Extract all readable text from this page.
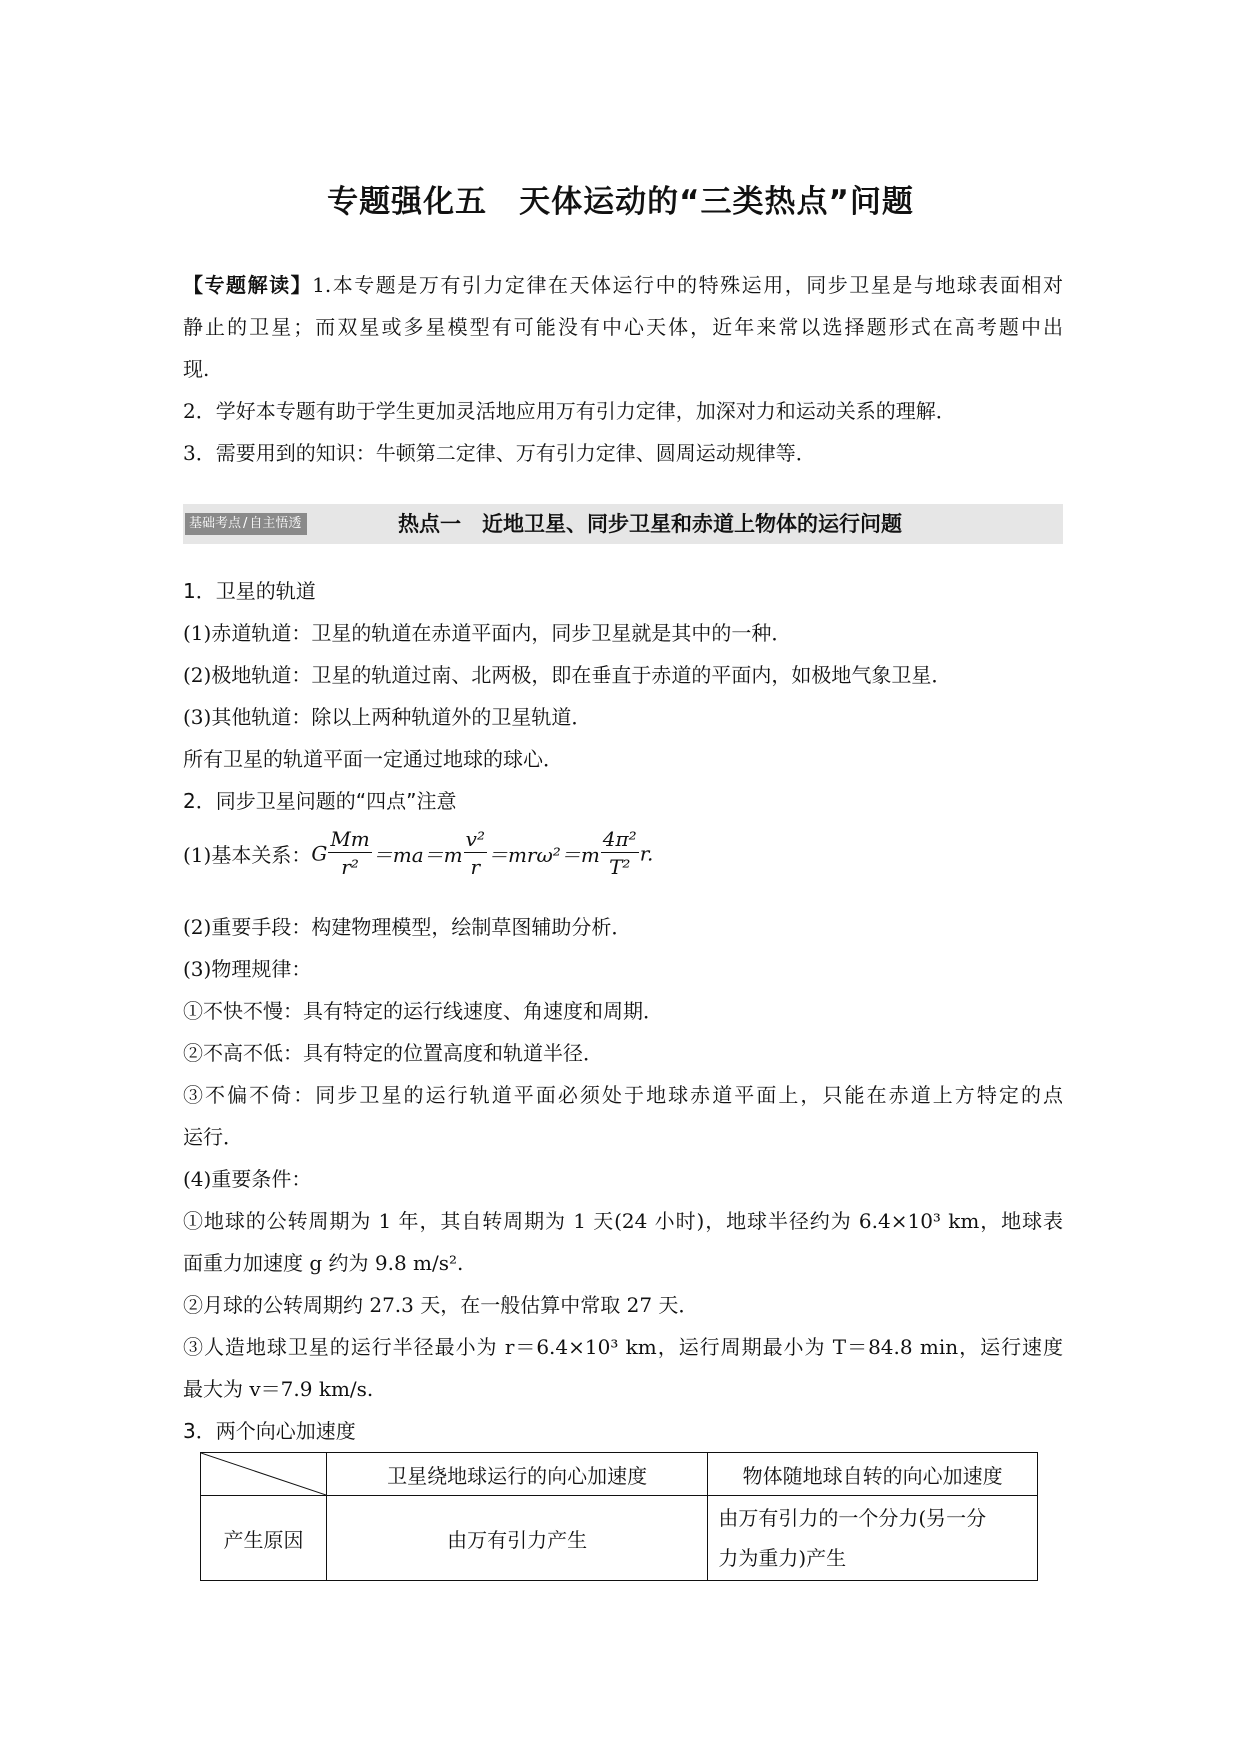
专题强化五　天体运动的“三类热点”问题
【专题解读】1.本专题是万有引力定律在天体运行中的特殊运用，同步卫星是与地球表面相对
静止的卫星；而双星或多星模型有可能没有中心天体，近年来常以选择题形式在高考题中出
现.
2．学好本专题有助于学生更加灵活地应用万有引力定律，加深对力和运动关系的理解．
3．需要用到的知识：牛顿第二定律、万有引力定律、圆周运动规律等．
基础考点 / 自主悟透	热点一　近地卫星、同步卫星和赤道上物体的运行问题
1．卫星的轨道
(1)赤道轨道：卫星的轨道在赤道平面内，同步卫星就是其中的一种．
(2)极地轨道：卫星的轨道过南、北两极，即在垂直于赤道的平面内，如极地气象卫星．
(3)其他轨道：除以上两种轨道外的卫星轨道．
所有卫星的轨道平面一定通过地球的球心．
2．同步卫星问题的“四点”注意
(1)基本关系：G $\frac{Mm}{\text{r²}} =ma=m \frac{\text{v²}}{r} =mr\omega^2=m \frac{\text{4π²}}{\text{T²}} r$.
(2)重要手段：构建物理模型，绘制草图辅助分析．
(3)物理规律：
①不快不慢：具有特定的运行线速度、角速度和周期．
②不高不低：具有特定的位置高度和轨道半径．
③不偏不倚：同步卫星的运行轨道平面必须处于地球赤道平面上，只能在赤道上方特定的点
运行．
(4)重要条件：
①地球的公转周期为 1 年，其自转周期为 1 天(24 小时)，地球半径约为 6.4×10³ km，地球表
面重力加速度 g 约为 9.8 m/s².
②月球的公转周期约 27.3 天，在一般估算中常取 27 天．
③人造地球卫星的运行半径最小为 r＝6.4×10³ km，运行周期最小为 T＝84.8 min，运行速度
最大为 v＝7.9 km/s.
3．两个向心加速度
	卫星绕地球运行的向心加速度	物体随地球自转的向心加速度
产生原因	由万有引力产生	由万有引力的一个分力(另一分
力为重力)产生
